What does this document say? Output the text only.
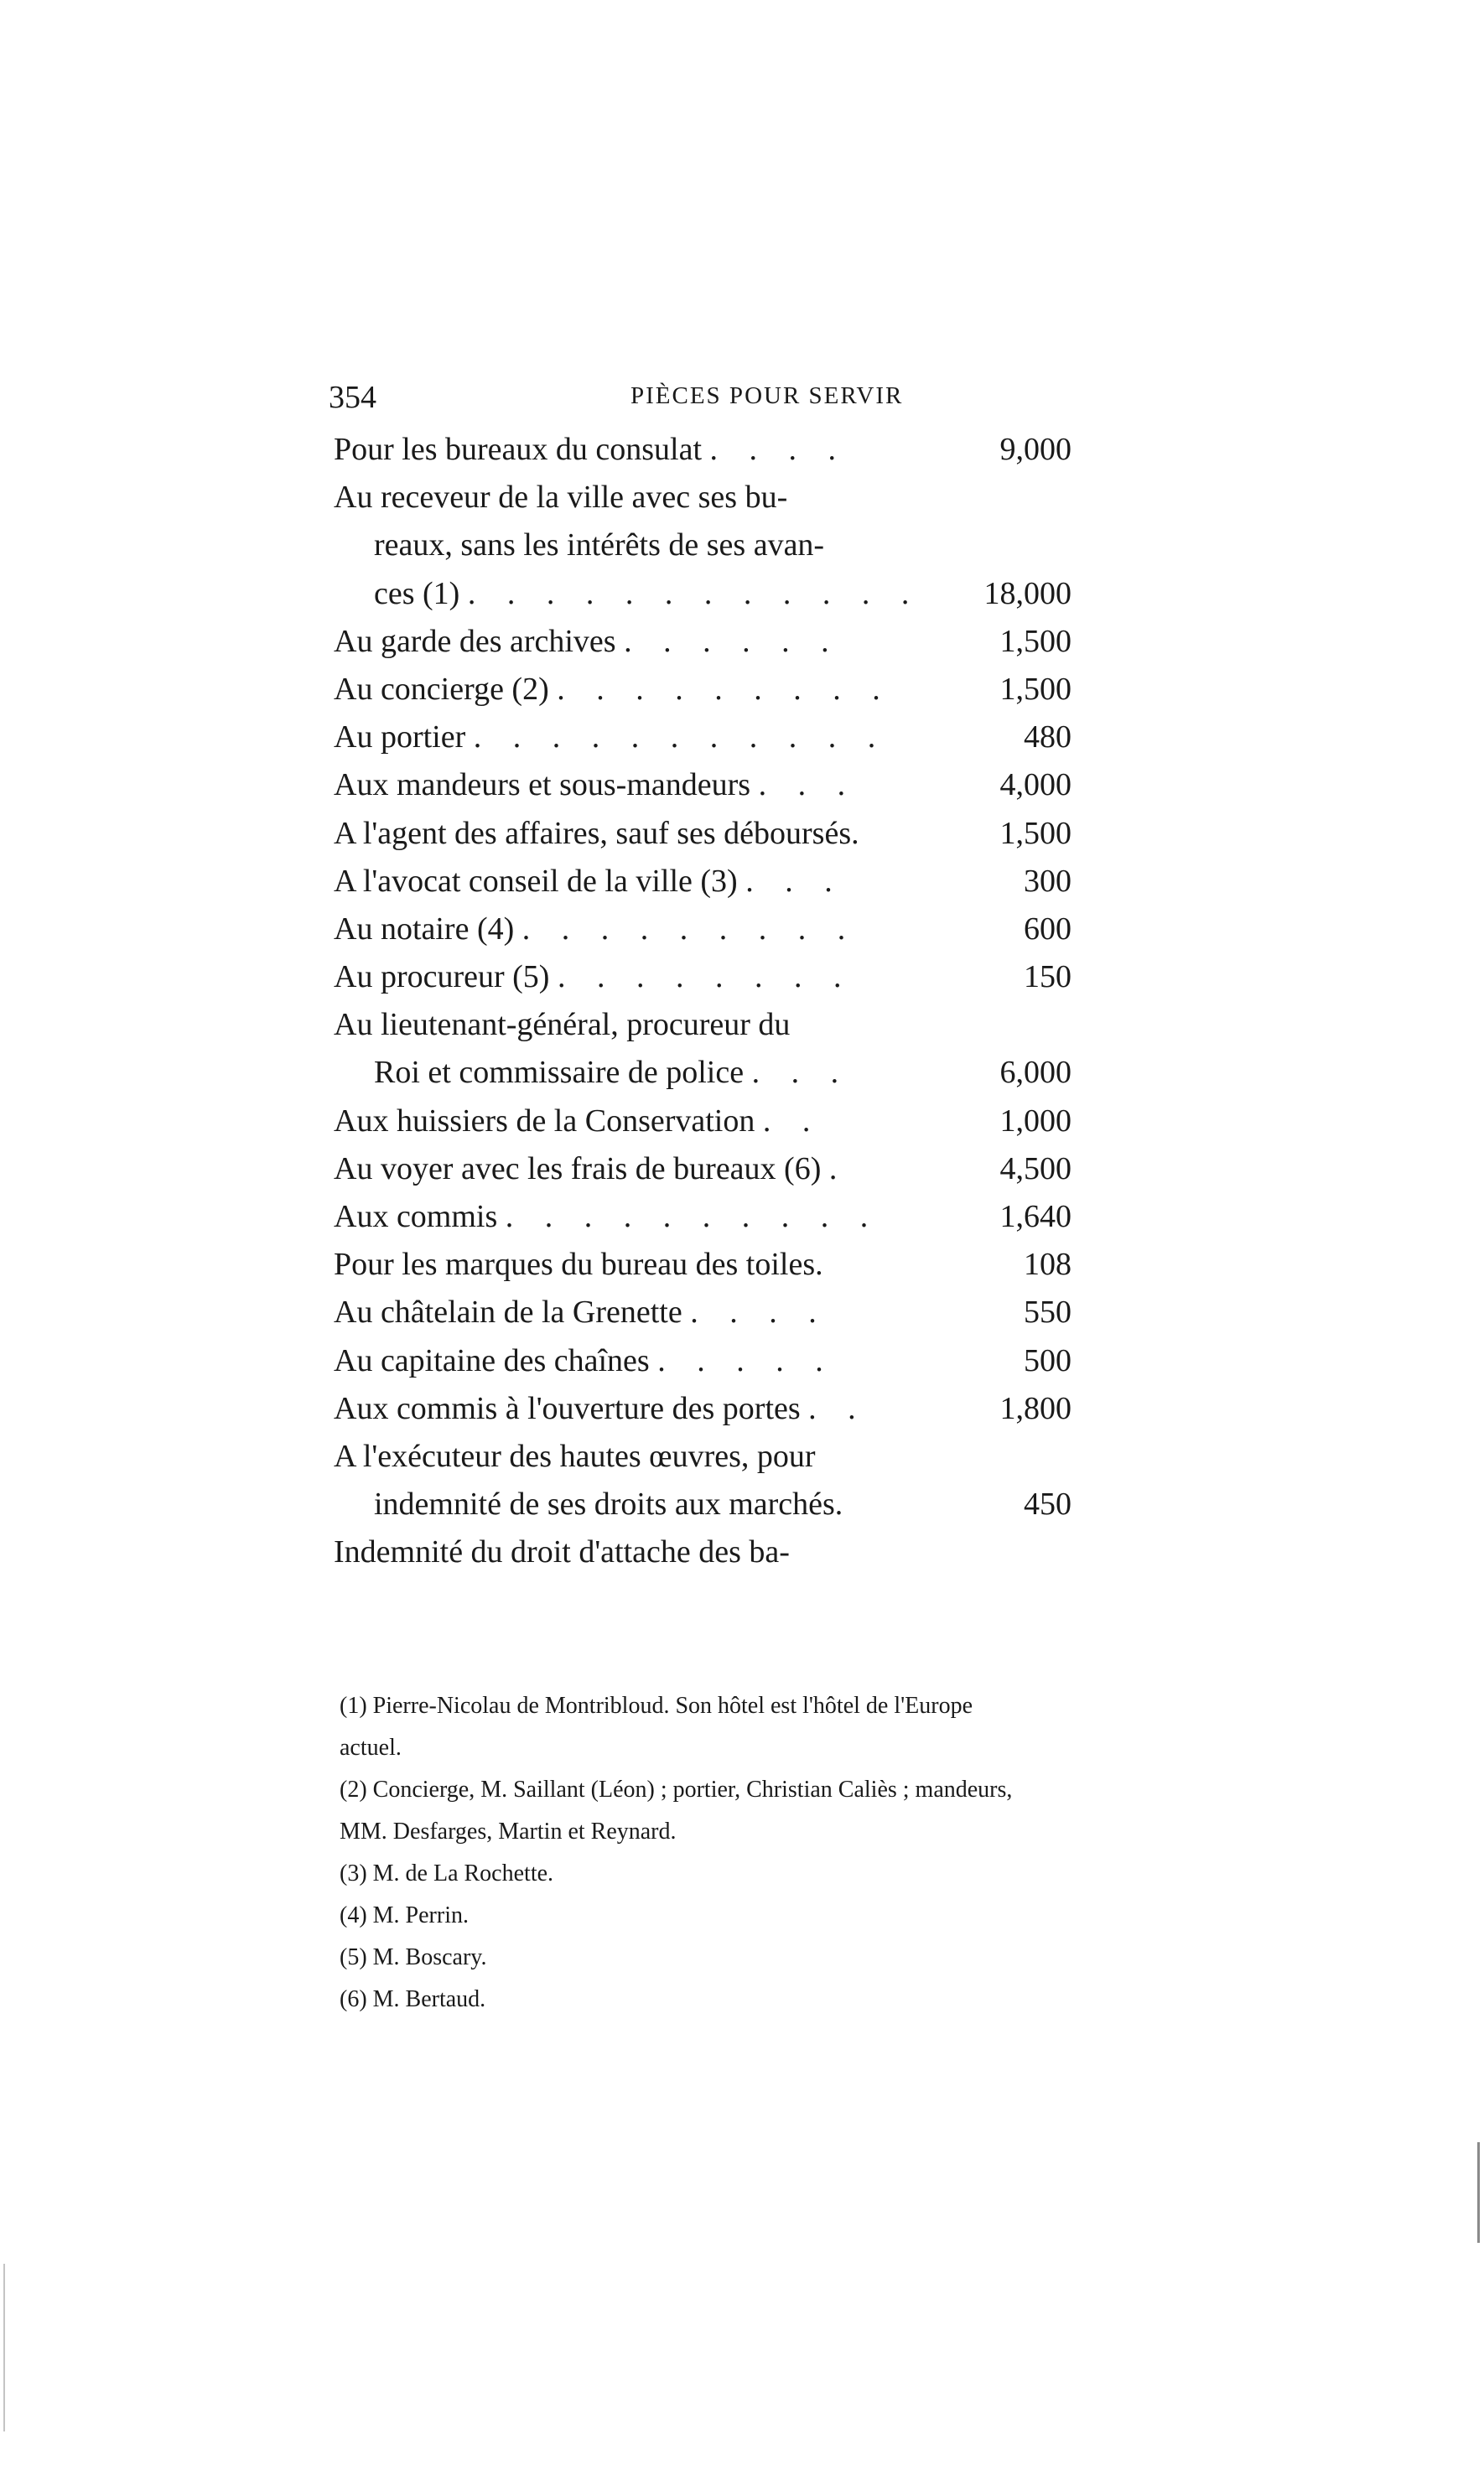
354	PIÈCES POUR SERVIR
Pour les bureaux du consulat . . . .	9,000
Au receveur de la ville avec ses bu-
reaux, sans les intérêts de ses avan-
ces (1) . . . . . . . . . . . .	18,000
Au garde des archives . . . . . .	1,500
Au concierge (2) . . . . . . . . .	1,500
Au portier . . . . . . . . . . .	480
Aux mandeurs et sous-mandeurs . . .	4,000
A l'agent des affaires, sauf ses déboursés.	1,500
A l'avocat conseil de la ville (3) . . .	300
Au notaire (4) . . . . . . . . .	600
Au procureur (5) . . . . . . . .	150
Au lieutenant-général, procureur du
Roi et commissaire de police . . .	6,000
Aux huissiers de la Conservation . .	1,000
Au voyer avec les frais de bureaux (6) .	4,500
Aux commis . . . . . . . . . .	1,640
Pour les marques du bureau des toiles.	108
Au châtelain de la Grenette . . . .	550
Au capitaine des chaînes . . . . .	500
Aux commis à l'ouverture des portes . .	1,800
A l'exécuteur des hautes œuvres, pour
indemnité de ses droits aux marchés.	450
Indemnité du droit d'attache des ba-
(1) Pierre-Nicolau de Montribloud. Son hôtel est l'hôtel de l'Europe
actuel.
(2) Concierge, M. Saillant (Léon) ; portier, Christian Caliès ; mandeurs,
MM. Desfarges, Martin et Reynard.
(3) M. de La Rochette.
(4) M. Perrin.
(5) M. Boscary.
(6) M. Bertaud.
